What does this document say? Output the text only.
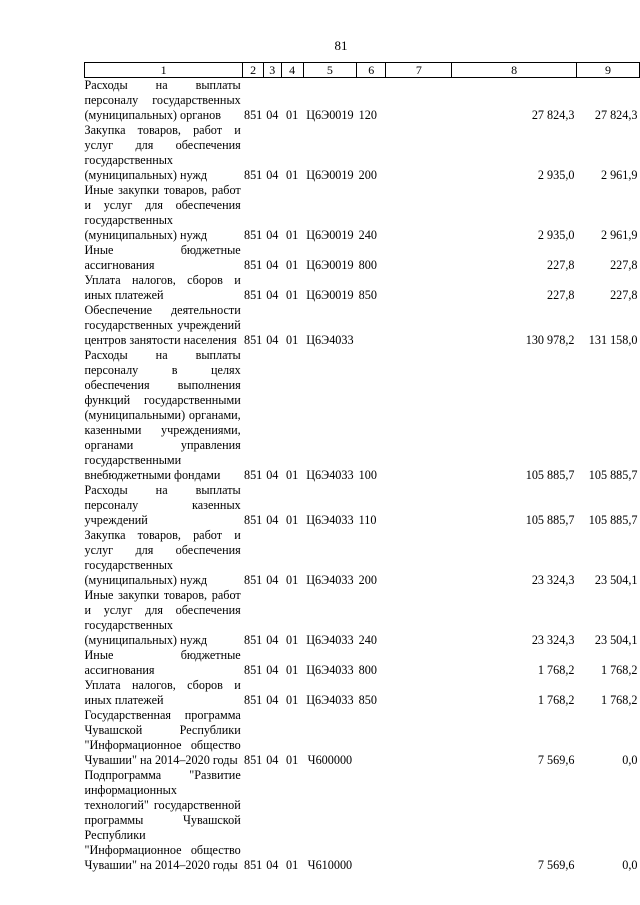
81
1	2	3	4	5	6	7	8	9
Расходы на выплаты персоналу государственных (муниципальных) органов	851	04	01	Ц6Э0019	120		27 824,3	27 824,3
Закупка товаров, работ и услуг для обеспечения государственных (муниципальных) нужд	851	04	01	Ц6Э0019	200		2 935,0	2 961,9
Иные закупки товаров, работ и услуг для обеспечения государственных (муниципальных) нужд	851	04	01	Ц6Э0019	240		2 935,0	2 961,9
Иные бюджетные ассигнования	851	04	01	Ц6Э0019	800		227,8	227,8
Уплата налогов, сборов и иных платежей	851	04	01	Ц6Э0019	850		227,8	227,8
Обеспечение деятельности государственных учреждений центров занятости населения	851	04	01	Ц6Э4033			130 978,2	131 158,0
Расходы на выплаты персоналу в целях обеспечения выполнения функций государственными (муниципальными) органами, казенными учреждениями, органами управления государственными внебюджетными фондами	851	04	01	Ц6Э4033	100		105 885,7	105 885,7
Расходы на выплаты персоналу казенных учреждений	851	04	01	Ц6Э4033	110		105 885,7	105 885,7
Закупка товаров, работ и услуг для обеспечения государственных (муниципальных) нужд	851	04	01	Ц6Э4033	200		23 324,3	23 504,1
Иные закупки товаров, работ и услуг для обеспечения государственных (муниципальных) нужд	851	04	01	Ц6Э4033	240		23 324,3	23 504,1
Иные бюджетные ассигнования	851	04	01	Ц6Э4033	800		1 768,2	1 768,2
Уплата налогов, сборов и иных платежей	851	04	01	Ц6Э4033	850		1 768,2	1 768,2
Государственная программа Чувашской Республики "Информационное общество Чувашии" на 2014–2020 годы	851	04	01	Ч600000			7 569,6	0,0
Подпрограмма "Развитие информационных технологий" государственной программы Чувашской Республики "Информационное общество Чувашии" на 2014–2020 годы	851	04	01	Ч610000			7 569,6	0,0
